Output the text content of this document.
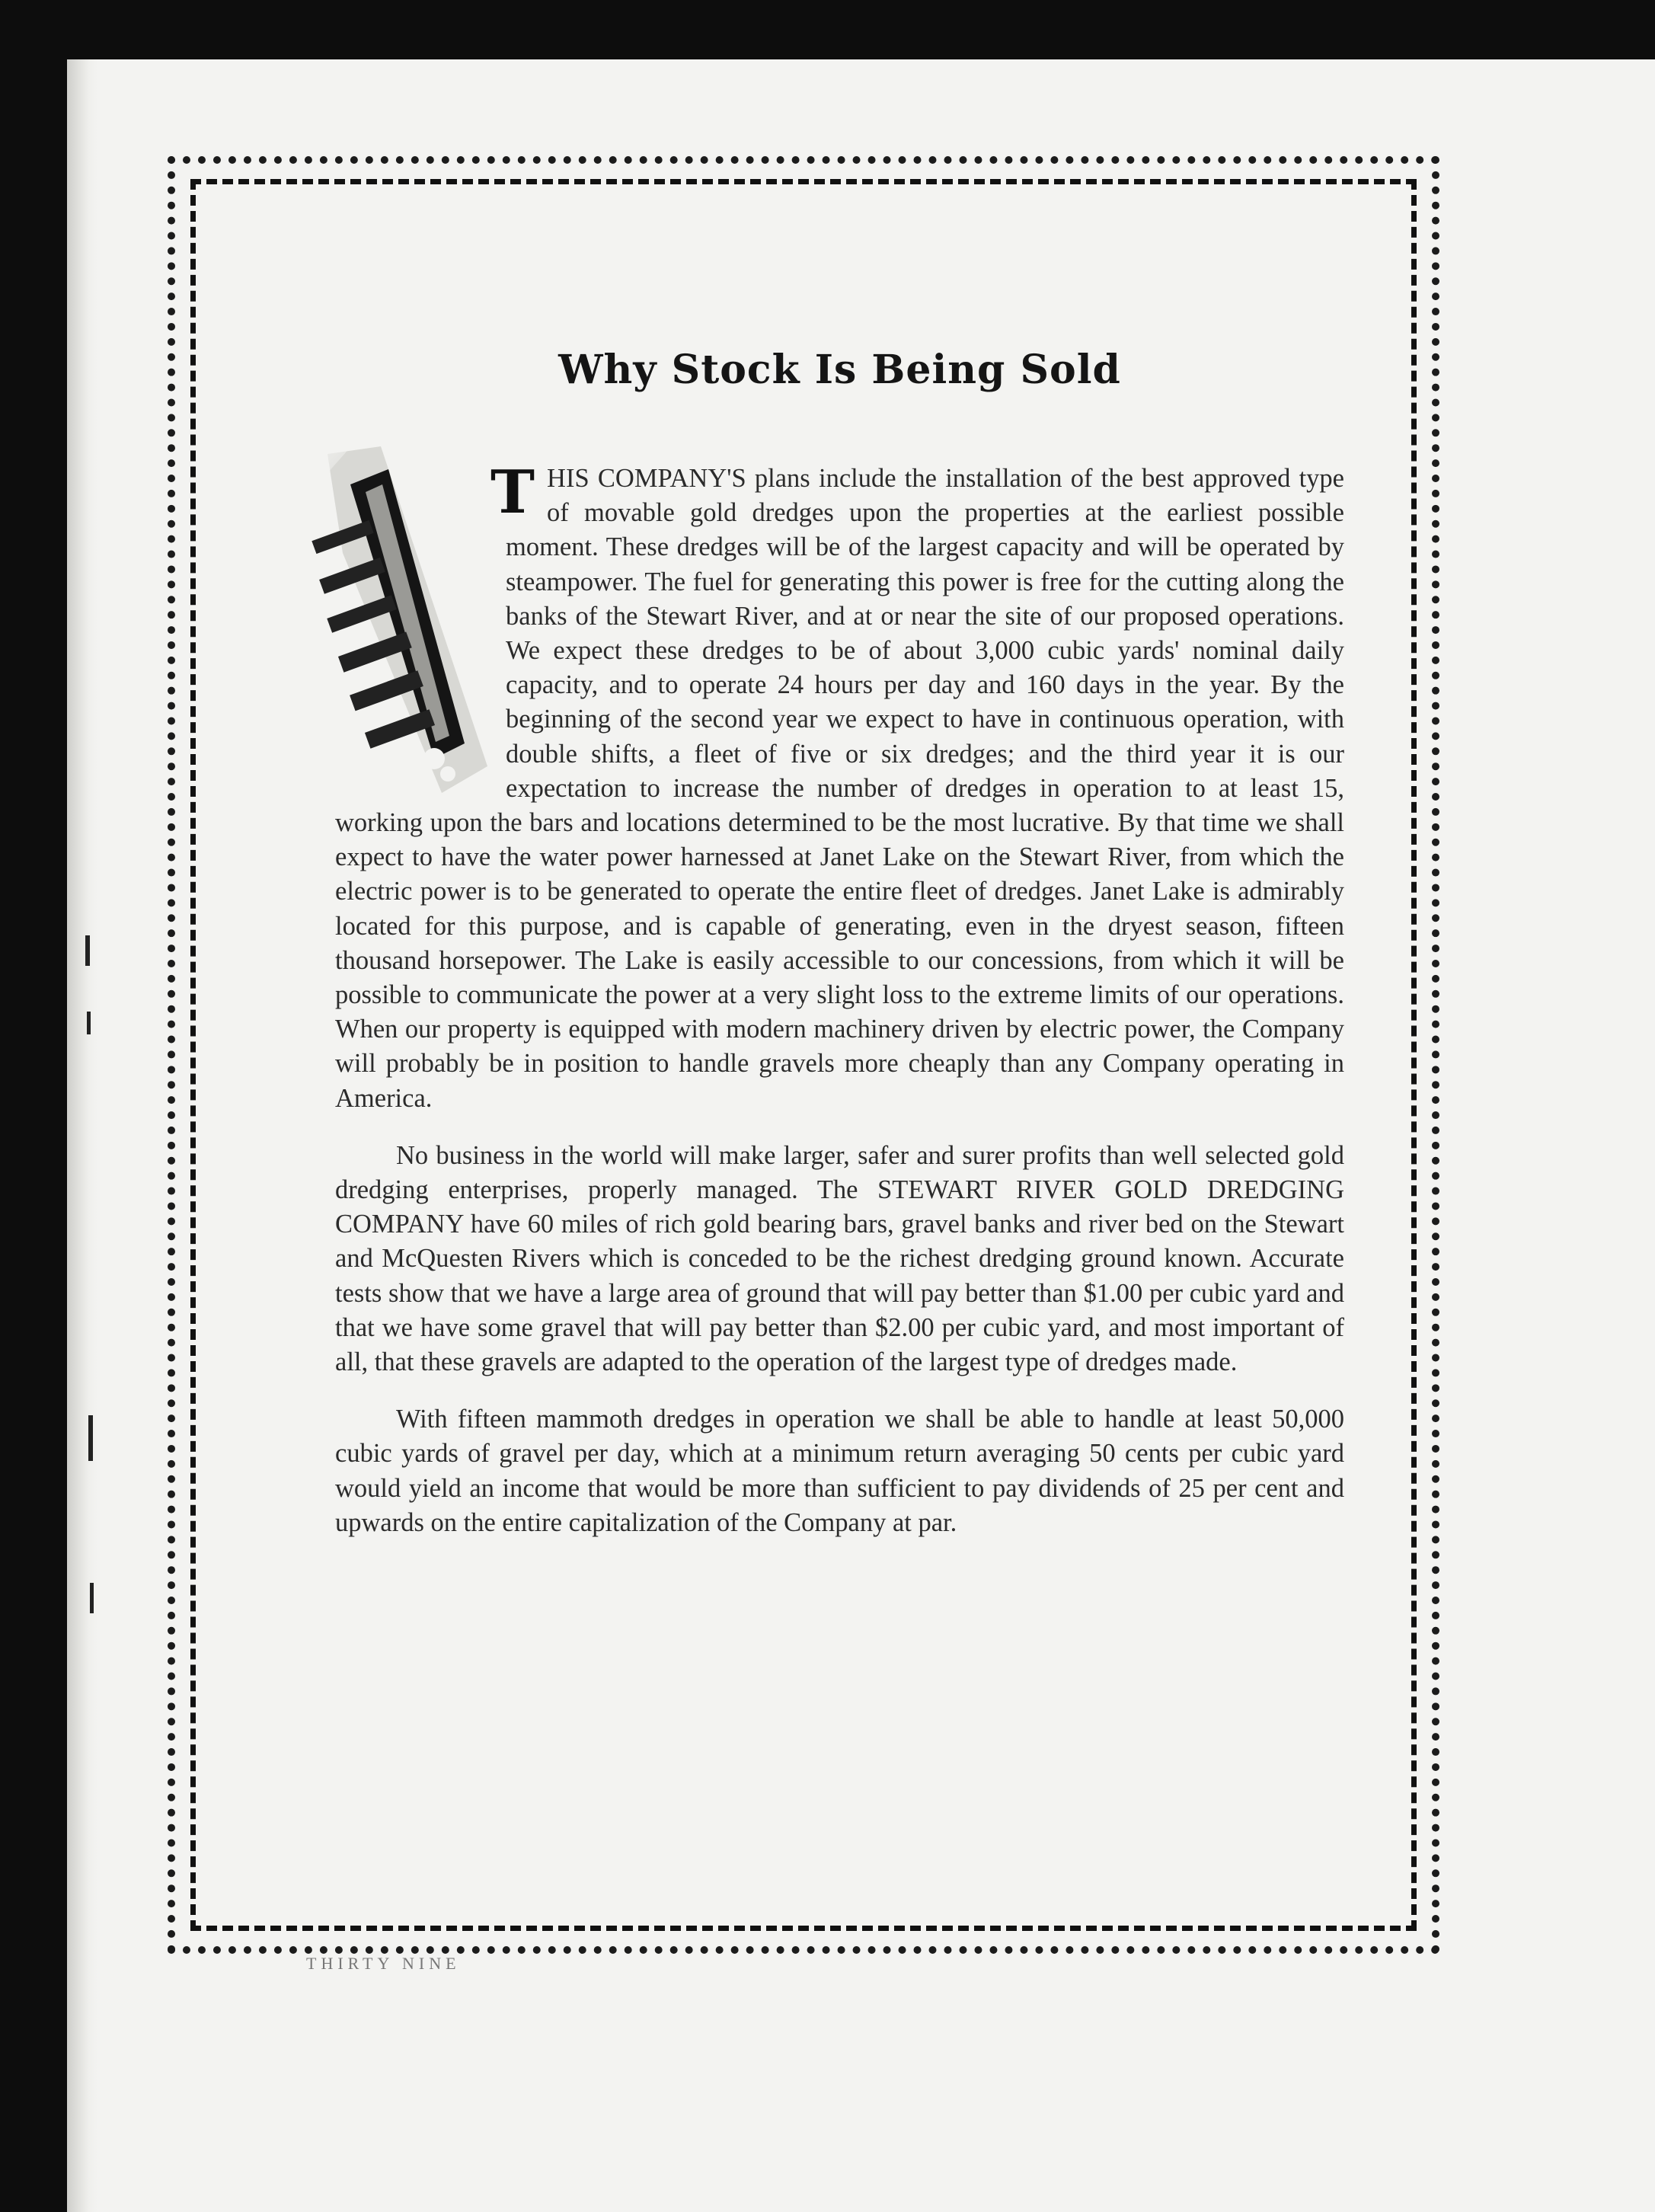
Why Stock Is Being Sold
T HIS COMPANY'S plans include the installation of the best approved type of movable gold dredges upon the properties at the earliest possible moment. These dredges will be of the largest capacity and will be operated by steampower. The fuel for generating this power is free for the cutting along the banks of the Stewart River, and at or near the site of our proposed operations. We expect these dredges to be of about 3,000 cubic yards' nominal daily capacity, and to operate 24 hours per day and 160 days in the year. By the beginning of the second year we expect to have in continuous operation, with double shifts, a fleet of five or six dredges; and the third year it is our expectation to increase the number of dredges in operation to at least 15, working upon the bars and locations determined to be the most lucrative. By that time we shall expect to have the water power harnessed at Janet Lake on the Stewart River, from which the electric power is to be generated to operate the entire fleet of dredges. Janet Lake is admirably located for this purpose, and is capable of generating, even in the dryest season, fifteen thousand horsepower. The Lake is easily accessible to our concessions, from which it will be possible to communicate the power at a very slight loss to the extreme limits of our operations. When our property is equipped with modern machinery driven by electric power, the Company will probably be in position to handle gravels more cheaply than any Company operating in America.

No business in the world will make larger, safer and surer profits than well selected gold dredging enterprises, properly managed. The STEWART RIVER GOLD DREDGING COMPANY have 60 miles of rich gold bearing bars, gravel banks and river bed on the Stewart and McQuesten Rivers which is conceded to be the richest dredging ground known. Accurate tests show that we have a large area of ground that will pay better than $1.00 per cubic yard and that we have some gravel that will pay better than $2.00 per cubic yard, and most important of all, that these gravels are adapted to the operation of the largest type of dredges made.

With fifteen mammoth dredges in operation we shall be able to handle at least 50,000 cubic yards of gravel per day, which at a minimum return averaging 50 cents per cubic yard would yield an income that would be more than sufficient to pay dividends of 25 per cent and upwards on the entire capitalization of the Company at par.

THIRTY NINE
